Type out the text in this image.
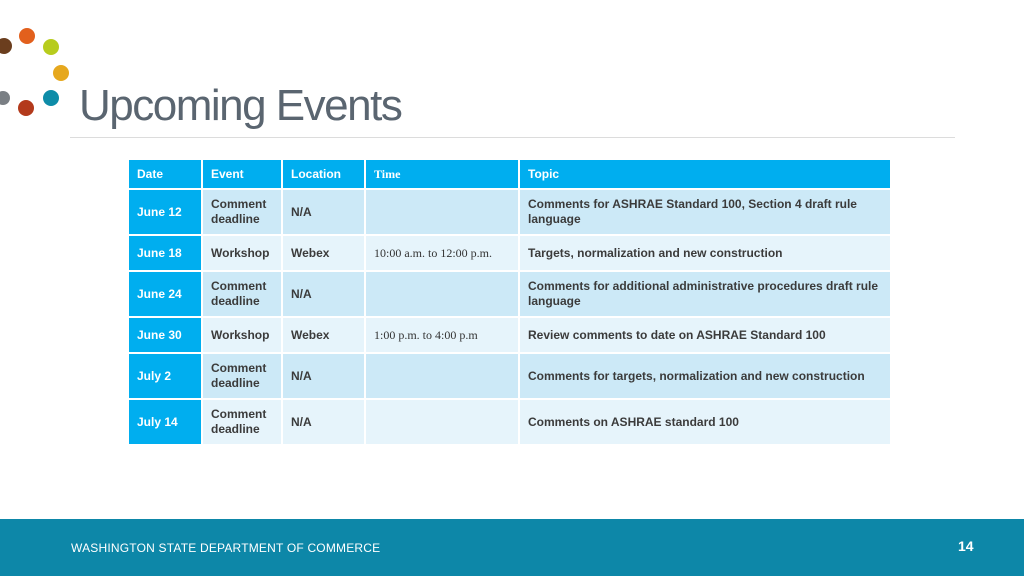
Upcoming Events
Date	Event	Location	Time	Topic
June 12	Comment deadline	N/A		Comments for ASHRAE Standard 100, Section 4 draft rule language
June 18	Workshop	Webex	10:00 a.m. to 12:00 p.m.	Targets, normalization and new construction
June 24	Comment deadline	N/A		Comments for additional administrative procedures draft rule language
June 30	Workshop	Webex	1:00 p.m. to 4:00 p.m	Review comments to date on ASHRAE Standard 100
July 2	Comment deadline	N/A		Comments for targets, normalization and new construction
July 14	Comment deadline	N/A		Comments on ASHRAE standard 100
WASHINGTON STATE DEPARTMENT OF COMMERCE	14
